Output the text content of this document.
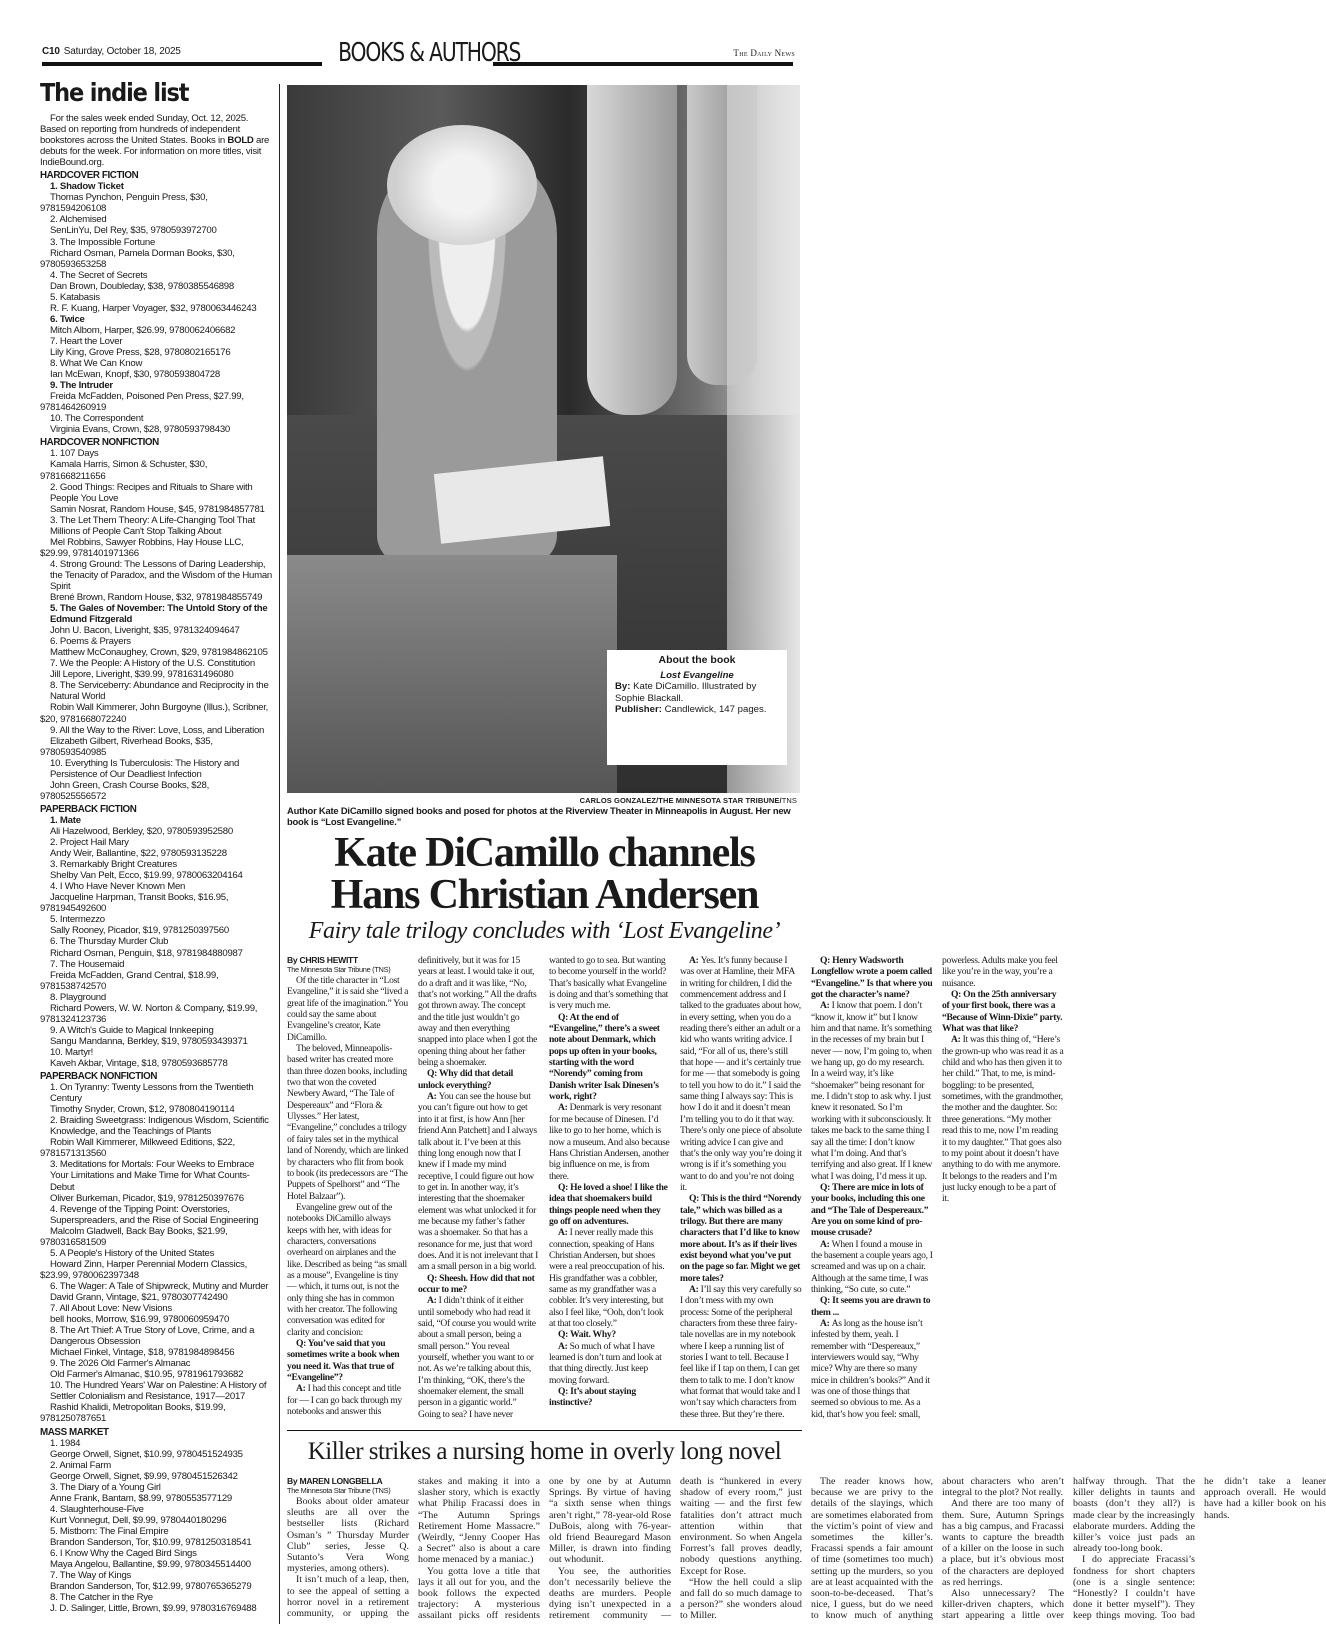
C10 Saturday, October 18, 2025	BOOKS & AUTHORS	The Daily News
The indie list

For the sales week ended Sunday, Oct. 12, 2025. Based on reporting from hundreds of independent bookstores across the United States. Books in BOLD are debuts for the week. For information on more titles, visit IndieBound.org.

HARDCOVER FICTION
1. Shadow Ticket
Thomas Pynchon, Penguin Press, $30, 9781594206108
2. Alchemised
SenLinYu, Del Rey, $35, 9780593972700
3. The Impossible Fortune
Richard Osman, Pamela Dorman Books, $30, 9780593653258
4. The Secret of Secrets
Dan Brown, Doubleday, $38, 9780385546898
5. Katabasis
R. F. Kuang, Harper Voyager, $32, 9780063446243
6. Twice
Mitch Albom, Harper, $26.99, 9780062406682
7. Heart the Lover
Lily King, Grove Press, $28, 9780802165176
8. What We Can Know
Ian McEwan, Knopf, $30, 9780593804728
9. The Intruder
Freida McFadden, Poisoned Pen Press, $27.99, 9781464260919
10. The Correspondent
Virginia Evans, Crown, $28, 9780593798430
HARDCOVER NONFICTION
1. 107 Days
Kamala Harris, Simon & Schuster, $30, 9781668211656
2. Good Things: Recipes and Rituals to Share with People You Love
Samin Nosrat, Random House, $45, 9781984857781
3. The Let Them Theory: A Life-Changing Tool That Millions of People Can't Stop Talking About
Mel Robbins, Sawyer Robbins, Hay House LLC, $29.99, 9781401971366
4. Strong Ground: The Lessons of Daring Leadership, the Tenacity of Paradox, and the Wisdom of the Human Spirit
Brené Brown, Random House, $32, 9781984855749
5. The Gales of November: The Untold Story of the Edmund Fitzgerald
John U. Bacon, Liveright, $35, 9781324094647
6. Poems & Prayers
Matthew McConaughey, Crown, $29, 9781984862105
7. We the People: A History of the U.S. Constitution
Jill Lepore, Liveright, $39.99, 9781631496080
8. The Serviceberry: Abundance and Reciprocity in the Natural World
Robin Wall Kimmerer, John Burgoyne (Illus.), Scribner, $20, 9781668072240
9. All the Way to the River: Love, Loss, and Liberation
Elizabeth Gilbert, Riverhead Books, $35, 9780593540985
10. Everything Is Tuberculosis: The History and Persistence of Our Deadliest Infection
John Green, Crash Course Books, $28, 9780525556572
PAPERBACK FICTION
1. Mate
Ali Hazelwood, Berkley, $20, 9780593952580
2. Project Hail Mary
Andy Weir, Ballantine, $22, 9780593135228
3. Remarkably Bright Creatures
Shelby Van Pelt, Ecco, $19.99, 9780063204164
4. I Who Have Never Known Men
Jacqueline Harpman, Transit Books, $16.95, 9781945492600
5. Intermezzo
Sally Rooney, Picador, $19, 9781250397560
6. The Thursday Murder Club
Richard Osman, Penguin, $18, 9781984880987
7. The Housemaid
Freida McFadden, Grand Central, $18.99, 9781538742570
8. Playground
Richard Powers, W. W. Norton & Company, $19.99, 9781324123736
9. A Witch's Guide to Magical Innkeeping
Sangu Mandanna, Berkley, $19, 9780593439371
10. Martyr!
Kaveh Akbar, Vintage, $18, 9780593685778
PAPERBACK NONFICTION
1. On Tyranny: Twenty Lessons from the Twentieth Century
Timothy Snyder, Crown, $12, 9780804190114
2. Braiding Sweetgrass: Indigenous Wisdom, Scientific Knowledge, and the Teachings of Plants
Robin Wall Kimmerer, Milkweed Editions, $22, 9781571313560
3. Meditations for Mortals: Four Weeks to Embrace Your Limitations and Make Time for What Counts- Debut
Oliver Burkeman, Picador, $19, 9781250397676
4. Revenge of the Tipping Point: Overstories, Superspreaders, and the Rise of Social Engineering
Malcolm Gladwell, Back Bay Books, $21.99, 9780316581509
5. A People's History of the United States
Howard Zinn, Harper Perennial Modern Classics, $23.99, 9780062397348
6. The Wager: A Tale of Shipwreck, Mutiny and Murder
David Grann, Vintage, $21, 9780307742490
7. All About Love: New Visions
bell hooks, Morrow, $16.99, 9780060959470
8. The Art Thief: A True Story of Love, Crime, and a Dangerous Obsession
Michael Finkel, Vintage, $18, 9781984898456
9. The 2026 Old Farmer's Almanac
Old Farmer's Almanac, $10.95, 9781961793682
10. The Hundred Years' War on Palestine: A History of Settler Colonialism and Resistance, 1917—2017
Rashid Khalidi, Metropolitan Books, $19.99, 9781250787651
MASS MARKET
1. 1984
George Orwell, Signet, $10.99, 9780451524935
2. Animal Farm
George Orwell, Signet, $9.99, 9780451526342
3. The Diary of a Young Girl
Anne Frank, Bantam, $8.99, 9780553577129
4. Slaughterhouse-Five
Kurt Vonnegut, Dell, $9.99, 9780440180296
5. Mistborn: The Final Empire
Brandon Sanderson, Tor, $10.99, 9781250318541
6. I Know Why the Caged Bird Sings
Maya Angelou, Ballantine, $9.99, 9780345514400
7. The Way of Kings
Brandon Sanderson, Tor, $12.99, 9780765365279
8. The Catcher in the Rye
J. D. Salinger, Little, Brown, $9.99, 9780316769488
About the book
Lost Evangeline
By: Kate DiCamillo. Illustrated by Sophie Blackall.
Publisher: Candlewick, 147 pages.
CARLOS GONZALEZ/THE MINNESOTA STAR TRIBUNE/TNS
Author Kate DiCamillo signed books and posed for photos at the Riverview Theater in Minneapolis in August. Her new book is “Lost Evangeline.”
Kate DiCamillo channels Hans Christian Andersen
Fairy tale trilogy concludes with ‘Lost Evangeline’
By CHRIS HEWITT
The Minnesota Star Tribune (TNS)

Of the title character in “Lost Evangeline,” it is said she “lived a great life of the imagination.” You could say the same about Evangeline’s creator, Kate DiCamillo.

The beloved, Minneapolis-based writer has created more than three dozen books, including two that won the coveted Newbery Award, “The Tale of Despereaux” and “Flora & Ulysses.” Her latest, “Evangeline,” concludes a trilogy of fairy tales set in the mythical land of Norendy, which are linked by characters who flit from book to book (its predecessors are “The Puppets of Spelhorst” and “The Hotel Balzaar”).

Evangeline grew out of the notebooks DiCamillo always keeps with her, with ideas for characters, conversations overheard on airplanes and the like. Described as being “as small as a mouse”, Evangeline is tiny — which, it turns out, is not the only thing she has in common with her creator. The following conversation was edited for clarity and concision:

Q: You’ve said that you sometimes write a book when you need it. Was that true of “Evangeline”?

A: I had this concept and title for — I can go back through my notebooks and answer this definitively, but it was for 15 years at least. I would take it out, do a draft and it was like, “No, that’s not working.” All the drafts got thrown away. The concept and the title just wouldn’t go away and then everything snapped into place when I got the opening thing about her father being a shoemaker.

Q: Why did that detail unlock everything?

A: You can see the house but you can’t figure out how to get into it at first, is how Ann [her friend Ann Patchett] and I always talk about it. I’ve been at this thing long enough now that I knew if I made my mind receptive, I could figure out how to get in. In another way, it’s interesting that the shoemaker element was what unlocked it for me because my father’s father was a shoemaker. So that has a resonance for me, just that word does. And it is not irrelevant that I am a small person in a big world.

Q: Sheesh. How did that not occur to me?

A: I didn’t think of it either until somebody who had read it said, “Of course you would write about a small person, being a small person.” You reveal yourself, whether you want to or not. As we’re talking about this, I’m thinking, “OK, there’s the shoemaker element, the small person in a gigantic world.” Going to sea? I have never wanted to go to sea. But wanting to become yourself in the world? That’s basically what Evangeline is doing and that’s something that is very much me.

Q: At the end of “Evangeline,” there’s a sweet note about Denmark, which pops up often in your books, starting with the word “Norendy” coming from Danish writer Isak Dinesen’s work, right?

A: Denmark is very resonant for me because of Dinesen. I’d like to go to her home, which is now a museum. And also because Hans Christian Andersen, another big influence on me, is from there.

Q: He loved a shoe! I like the idea that shoemakers build things people need when they go off on adventures.

A: I never really made this connection, speaking of Hans Christian Andersen, but shoes were a real preoccupation of his. His grandfather was a cobbler, same as my grandfather was a cobbler. It’s very interesting, but also I feel like, “Ooh, don’t look at that too closely.”

Q: Wait. Why?

A: So much of what I have learned is don’t turn and look at that thing directly. Just keep moving forward.

Q: It’s about staying instinctive?

A: Yes. It’s funny because I was over at Hamline, their MFA in writing for children, I did the commencement address and I talked to the graduates about how, in every setting, when you do a reading there’s either an adult or a kid who wants writing advice. I said, “For all of us, there’s still that hope — and it’s certainly true for me — that somebody is going to tell you how to do it.” I said the same thing I always say: This is how I do it and it doesn’t mean I’m telling you to do it that way. There’s only one piece of absolute writing advice I can give and that’s the only way you’re doing it wrong is if it’s something you want to do and you’re not doing it.

Q: This is the third “Norendy tale,” which was billed as a trilogy. But there are many characters that I’d like to know more about. It’s as if their lives exist beyond what you’ve put on the page so far. Might we get more tales?

A: I’ll say this very carefully so I don’t mess with my own process: Some of the peripheral characters from these three fairy-tale novellas are in my notebook where I keep a running list of stories I want to tell. Because I feel like if I tap on them, I can get them to talk to me. I don’t know what format that would take and I won’t say which characters from these three. But they’re there.

Q: Henry Wadsworth Longfellow wrote a poem called “Evangeline.” Is that where you got the character’s name?

A: I know that poem. I don’t “know it, know it” but I know him and that name. It’s something in the recesses of my brain but I never — now, I’m going to, when we hang up, go do my research. In a weird way, it’s like “shoemaker” being resonant for me. I didn’t stop to ask why. I just knew it resonated. So I’m working with it subconsciously. It takes me back to the same thing I say all the time: I don’t know what I’m doing. And that’s terrifying and also great. If I knew what I was doing, I’d mess it up.

Q: There are mice in lots of your books, including this one and “The Tale of Despereaux.” Are you on some kind of pro-mouse crusade?

A: When I found a mouse in the basement a couple years ago, I screamed and was up on a chair. Although at the same time, I was thinking, “So cute, so cute.”

Q: It seems you are drawn to them ...

A: As long as the house isn’t infested by them, yeah. I remember with “Despereaux,” interviewers would say, “Why mice? Why are there so many mice in children’s books?” And it was one of those things that seemed so obvious to me. As a kid, that’s how you feel: small, powerless. Adults make you feel like you’re in the way, you’re a nuisance.

Q: On the 25th anniversary of your first book, there was a “Because of Winn-Dixie” party. What was that like?

A: It was this thing of, “Here’s the grown-up who was read it as a child and who has then given it to her child.” That, to me, is mind-boggling: to be presented, sometimes, with the grandmother, the mother and the daughter. So: three generations. “My mother read this to me, now I’m reading it to my daughter.” That goes also to my point about it doesn’t have anything to do with me anymore. It belongs to the readers and I’m just lucky enough to be a part of it.

Killer strikes a nursing home in overly long novel
By MAREN LONGBELLA
The Minnesota Star Tribune (TNS)

Books about older amateur sleuths are all over the bestseller lists (Richard Osman’s ” Thursday Murder Club” series, Jesse Q. Sutanto’s Vera Wong mysteries, among others).

It isn’t much of a leap, then, to see the appeal of setting a horror novel in a retirement community, or upping the stakes and making it into a slasher story, which is exactly what Philip Fracassi does in “The Autumn Springs Retirement Home Massacre.” (Weirdly, “Jenny Cooper Has a Secret” also is about a care home menaced by a maniac.)

You gotta love a title that lays it all out for you, and the book follows the expected trajectory: A mysterious assailant picks off residents one by one by at Autumn Springs. By virtue of having “a sixth sense when things aren’t right,” 78-year-old Rose DuBois, along with 76-year-old friend Beauregard Mason Miller, is drawn into finding out whodunit.

You see, the authorities don’t necessarily believe the deaths are murders. People dying isn’t unexpected in a retirement community — death is “hunkered in every shadow of every room,” just waiting — and the first few fatalities don’t attract much attention within that environment. So when Angela Forrest’s fall proves deadly, nobody questions anything. Except for Rose.

“How the hell could a slip and fall do so much damage to a person?” she wonders aloud to Miller.

The reader knows how, because we are privy to the details of the slayings, which are sometimes elaborated from the victim’s point of view and sometimes the killer’s. Fracassi spends a fair amount of time (sometimes too much) setting up the murders, so you are at least acquainted with the soon-to-be-deceased. That’s nice, I guess, but do we need to know much of anything about characters who aren’t integral to the plot? Not really.

And there are too many of them. Sure, Autumn Springs has a big campus, and Fracassi wants to capture the breadth of a killer on the loose in such a place, but it’s obvious most of the characters are deployed as red herrings.

Also unnecessary? The killer-driven chapters, which start appearing a little over halfway through. That the killer delights in taunts and boasts (don’t they all?) is made clear by the increasingly elaborate murders. Adding the killer’s voice just pads an already too-long book.

I do appreciate Fracassi’s fondness for short chapters (one is a single sentence: “Honestly? I couldn’t have done it better myself”). They keep things moving. Too bad he didn’t take a leaner approach overall. He would have had a killer book on his hands.
